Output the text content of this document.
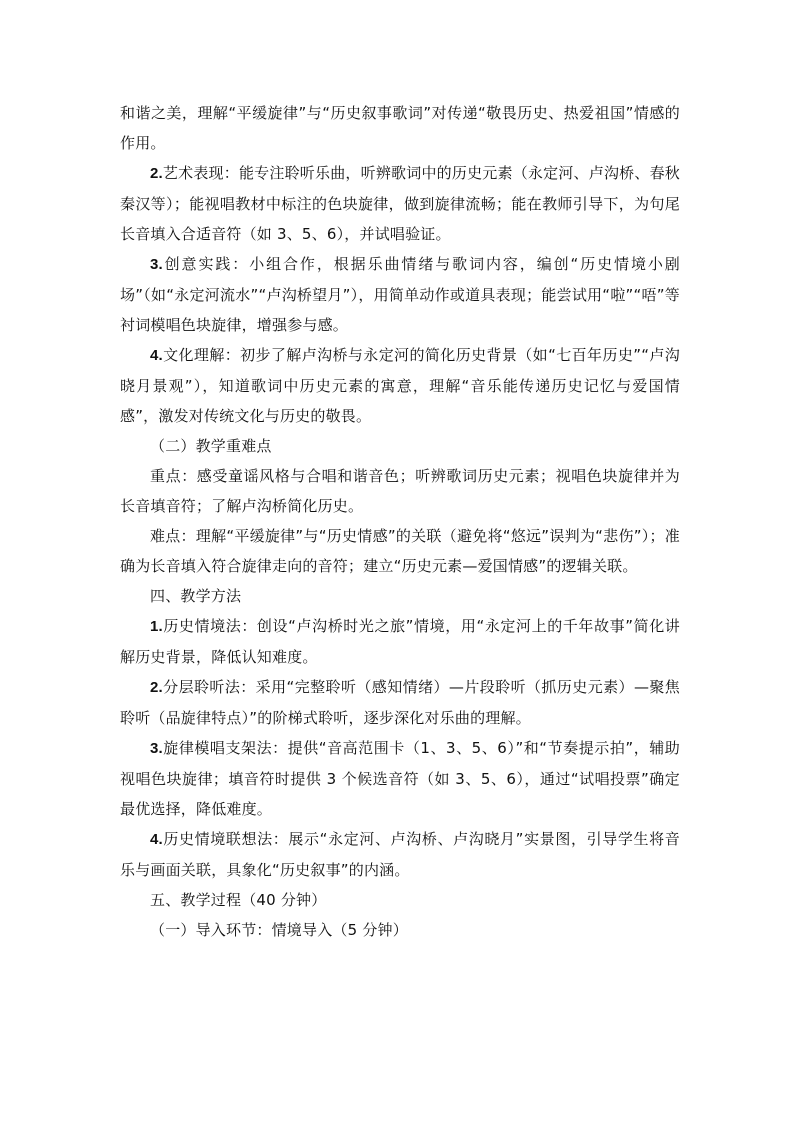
和谐之美，理解“平缓旋律”与“历史叙事歌词”对传递“敬畏历史、热爱祖国”情感的作用。

2.艺术表现：能专注聆听乐曲，听辨歌词中的历史元素（永定河、卢沟桥、春秋秦汉等）；能视唱教材中标注的色块旋律，做到旋律流畅；能在教师引导下，为句尾长音填入合适音符（如 3、5、6），并试唱验证。

3.创意实践：小组合作，根据乐曲情绪与歌词内容，编创“历史情境小剧场”（如“永定河流水”“卢沟桥望月”），用简单动作或道具表现；能尝试用“啦”“唔”等衬词模唱色块旋律，增强参与感。

4.文化理解：初步了解卢沟桥与永定河的简化历史背景（如“七百年历史”“卢沟晓月景观”），知道歌词中历史元素的寓意，理解“音乐能传递历史记忆与爱国情感”，激发对传统文化与历史的敬畏。

（二）教学重难点

重点：感受童谣风格与合唱和谐音色；听辨歌词历史元素；视唱色块旋律并为长音填音符；了解卢沟桥简化历史。

难点：理解“平缓旋律”与“历史情感”的关联（避免将“悠远”误判为“悲伤”）；准确为长音填入符合旋律走向的音符；建立“历史元素—爱国情感”的逻辑关联。

四、教学方法

1.历史情境法：创设“卢沟桥时光之旅”情境，用“永定河上的千年故事”简化讲解历史背景，降低认知难度。

2.分层聆听法：采用“完整聆听（感知情绪）—片段聆听（抓历史元素）—聚焦聆听（品旋律特点）”的阶梯式聆听，逐步深化对乐曲的理解。

3.旋律模唱支架法：提供“音高范围卡（1、3、5、6）”和“节奏提示拍”，辅助视唱色块旋律；填音符时提供 3 个候选音符（如 3、5、6），通过“试唱投票”确定最优选择，降低难度。

4.历史情境联想法：展示“永定河、卢沟桥、卢沟晓月”实景图，引导学生将音乐与画面关联，具象化“历史叙事”的内涵。

五、教学过程（40 分钟）

（一）导入环节：情境导入（5 分钟）
